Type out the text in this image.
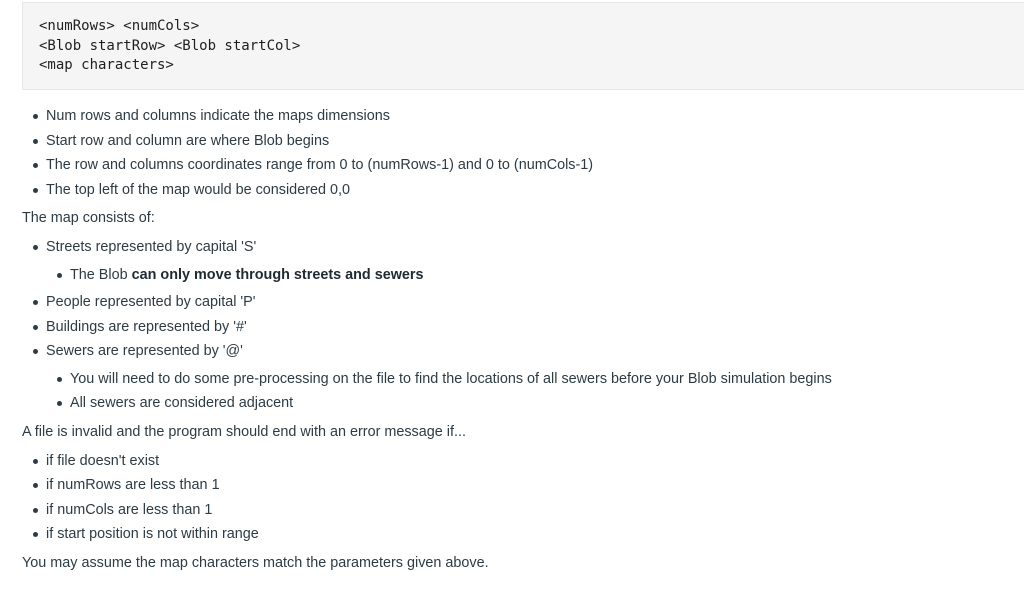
<numRows> <numCols>
<Blob startRow> <Blob startCol>
<map characters>
Num rows and columns indicate the maps dimensions
Start row and column are where Blob begins
The row and columns coordinates range from 0 to (numRows-1) and 0 to (numCols-1)
The top left of the map would be considered 0,0

The map consists of:

Streets represented by capital 'S'
The Blob can only move through streets and sewers
People represented by capital 'P'
Buildings are represented by '#'
Sewers are represented by '@'
You will need to do some pre-processing on the file to find the locations of all sewers before your Blob simulation begins
All sewers are considered adjacent

A file is invalid and the program should end with an error message if...

if file doesn't exist
if numRows are less than 1
if numCols are less than 1
if start position is not within range

You may assume the map characters match the parameters given above.
